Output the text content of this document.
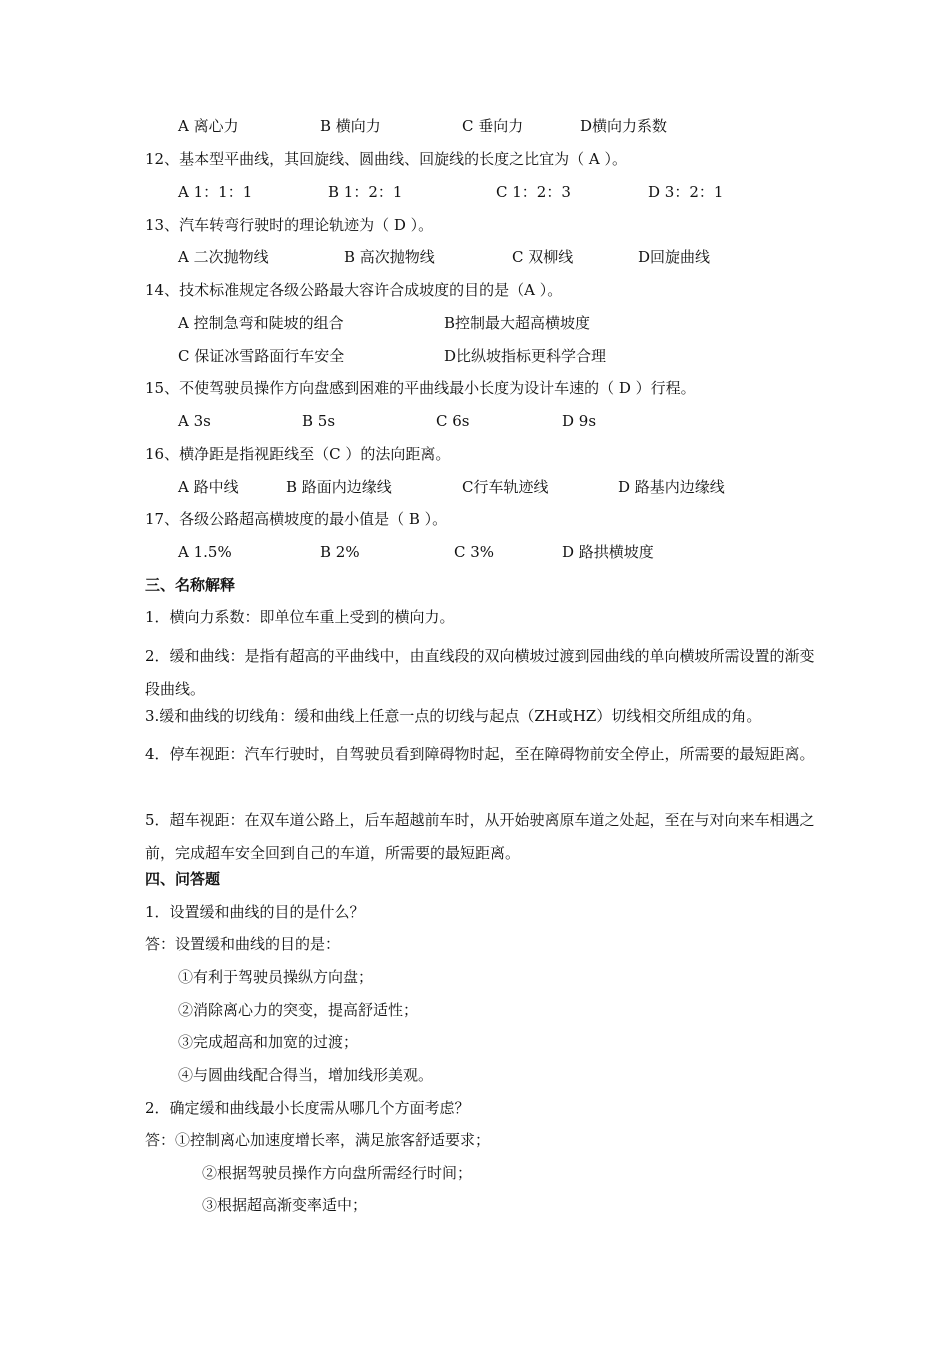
A 离心力	B 横向力	C 垂向力	D横向力系数
12、基本型平曲线，其回旋线、圆曲线、回旋线的长度之比宜为（ A ）。
A 1：1：1	B 1：2：1	C 1：2：3	D 3：2：1
13、汽车转弯行驶时的理论轨迹为（ D ）。
A 二次抛物线	B 高次抛物线	C 双柳线	D回旋曲线
14、技术标准规定各级公路最大容许合成坡度的目的是（A ）。
A 控制急弯和陡坡的组合	B控制最大超高横坡度
C 保证冰雪路面行车安全	D比纵坡指标更科学合理
15、不使驾驶员操作方向盘感到困难的平曲线最小长度为设计车速的（ D ）行程。
A 3s	B 5s	C 6s	D 9s
16、横净距是指视距线至（C ）的法向距离。
A 路中线	B 路面内边缘线	C行车轨迹线	D 路基内边缘线
17、各级公路超高横坡度的最小值是（ B ）。
A 1.5%	B 2%	C 3%	D 路拱横坡度
三、名称解释
1．横向力系数：即单位车重上受到的横向力。
2．缓和曲线：是指有超高的平曲线中，由直线段的双向横坡过渡到园曲线的单向横坡所需设置的渐变段曲线。
3.缓和曲线的切线角：缓和曲线上任意一点的切线与起点（ZH或HZ）切线相交所组成的角。
4．停车视距：汽车行驶时，自驾驶员看到障碍物时起，至在障碍物前安全停止，所需要的最短距离。
5．超车视距：在双车道公路上，后车超越前车时，从开始驶离原车道之处起，至在与对向来车相遇之前，完成超车安全回到自己的车道，所需要的最短距离。
四、问答题
1．设置缓和曲线的目的是什么？
答：设置缓和曲线的目的是：
①有利于驾驶员操纵方向盘；
②消除离心力的突变，提高舒适性；
③完成超高和加宽的过渡；
④与圆曲线配合得当，增加线形美观。
2．确定缓和曲线最小长度需从哪几个方面考虑？
答：①控制离心加速度增长率，满足旅客舒适要求；
②根据驾驶员操作方向盘所需经行时间；
③根据超高渐变率适中；
